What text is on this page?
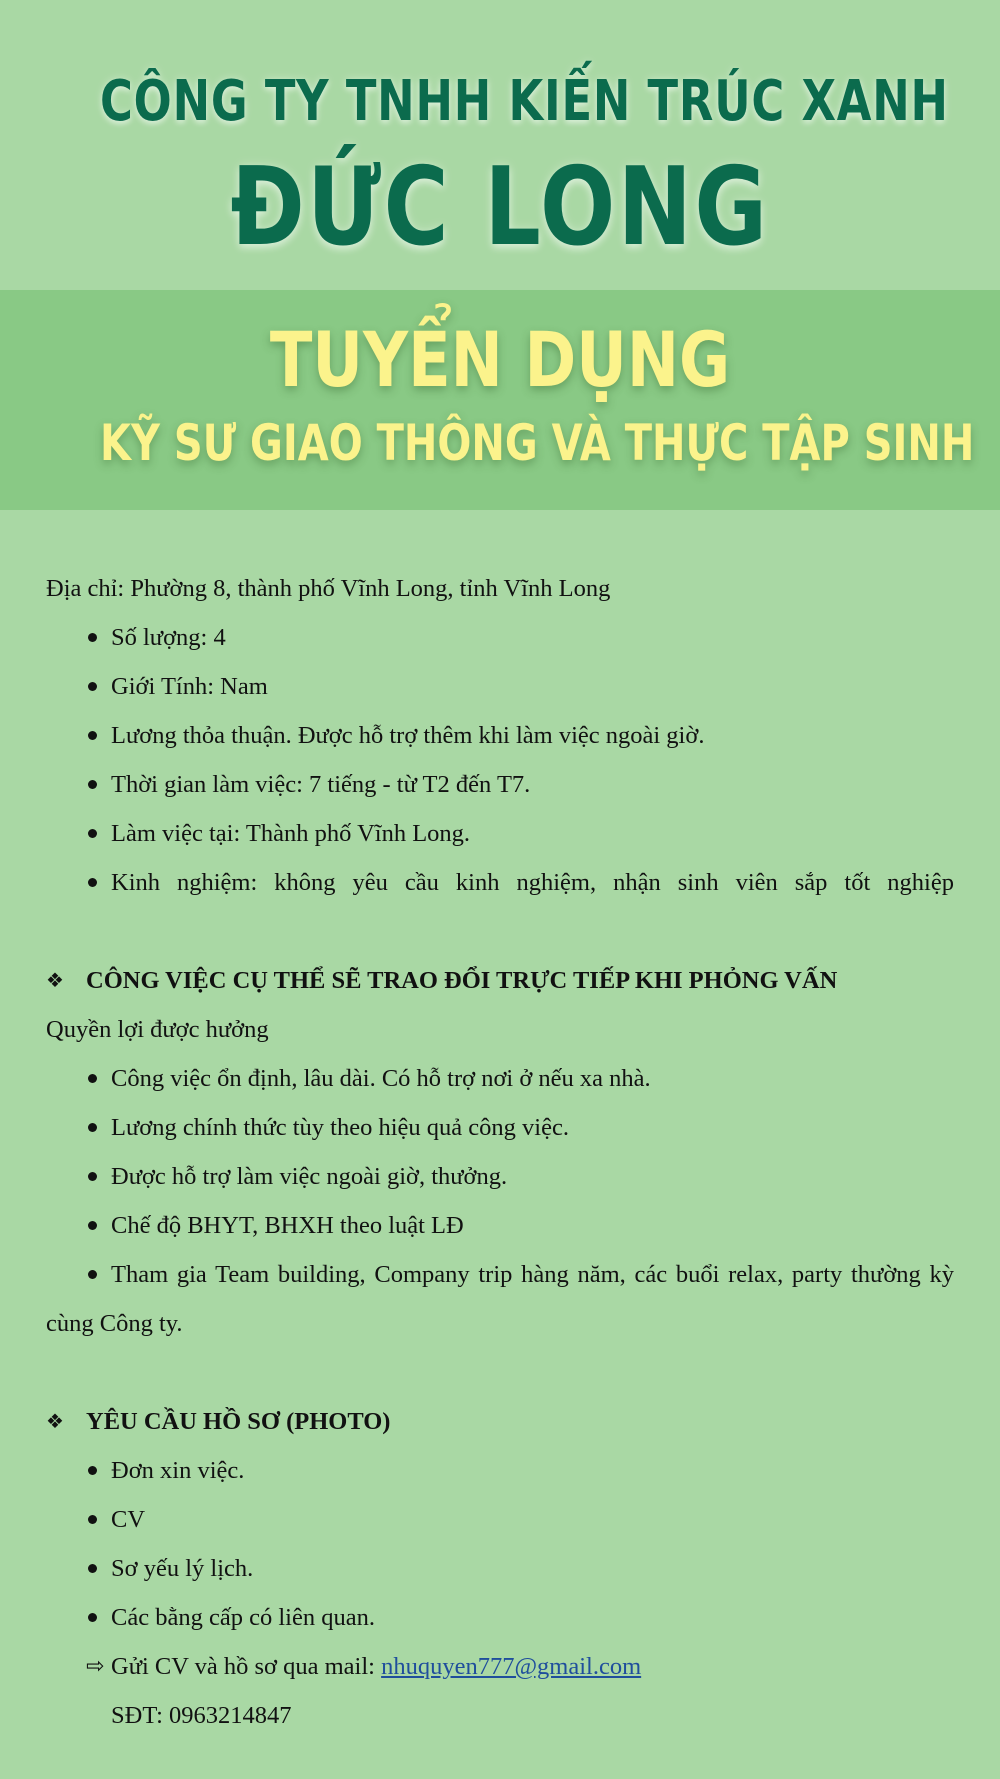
CÔNG TY TNHH KIẾN TRÚC XANH
ĐỨC LONG
TUYỂN DỤNG
KỸ SƯ GIAO THÔNG VÀ THỰC TẬP SINH

Địa chỉ: Phường 8, thành phố Vĩnh Long, tỉnh Vĩnh Long

Số lượng: 4
Giới Tính: Nam
Lương thỏa thuận. Được hỗ trợ thêm khi làm việc ngoài giờ.
Thời gian làm việc: 7 tiếng - từ T2 đến T7.
Làm việc tại: Thành phố Vĩnh Long.
Kinh nghiệm: không yêu cầu kinh nghiệm, nhận sinh viên sắp tốt nghiệp
❖ CÔNG VIỆC CỤ THỂ SẼ TRAO ĐỔI TRỰC TIẾP KHI PHỎNG VẤN

Quyền lợi được hưởng

Công việc ổn định, lâu dài. Có hỗ trợ nơi ở nếu xa nhà.
Lương chính thức tùy theo hiệu quả công việc.
Được hỗ trợ làm việc ngoài giờ, thưởng.
Chế độ BHYT, BHXH theo luật LĐ
Tham gia Team building, Company trip hàng năm, các buổi relax, party thường kỳ cùng Công ty.
❖ YÊU CẦU HỒ SƠ (PHOTO)
Đơn xin việc.
CV
Sơ yếu lý lịch.
Các bằng cấp có liên quan.
⇨ Gửi CV và hồ sơ qua mail: nhuquyen777@gmail.com
SĐT: 0963214847
